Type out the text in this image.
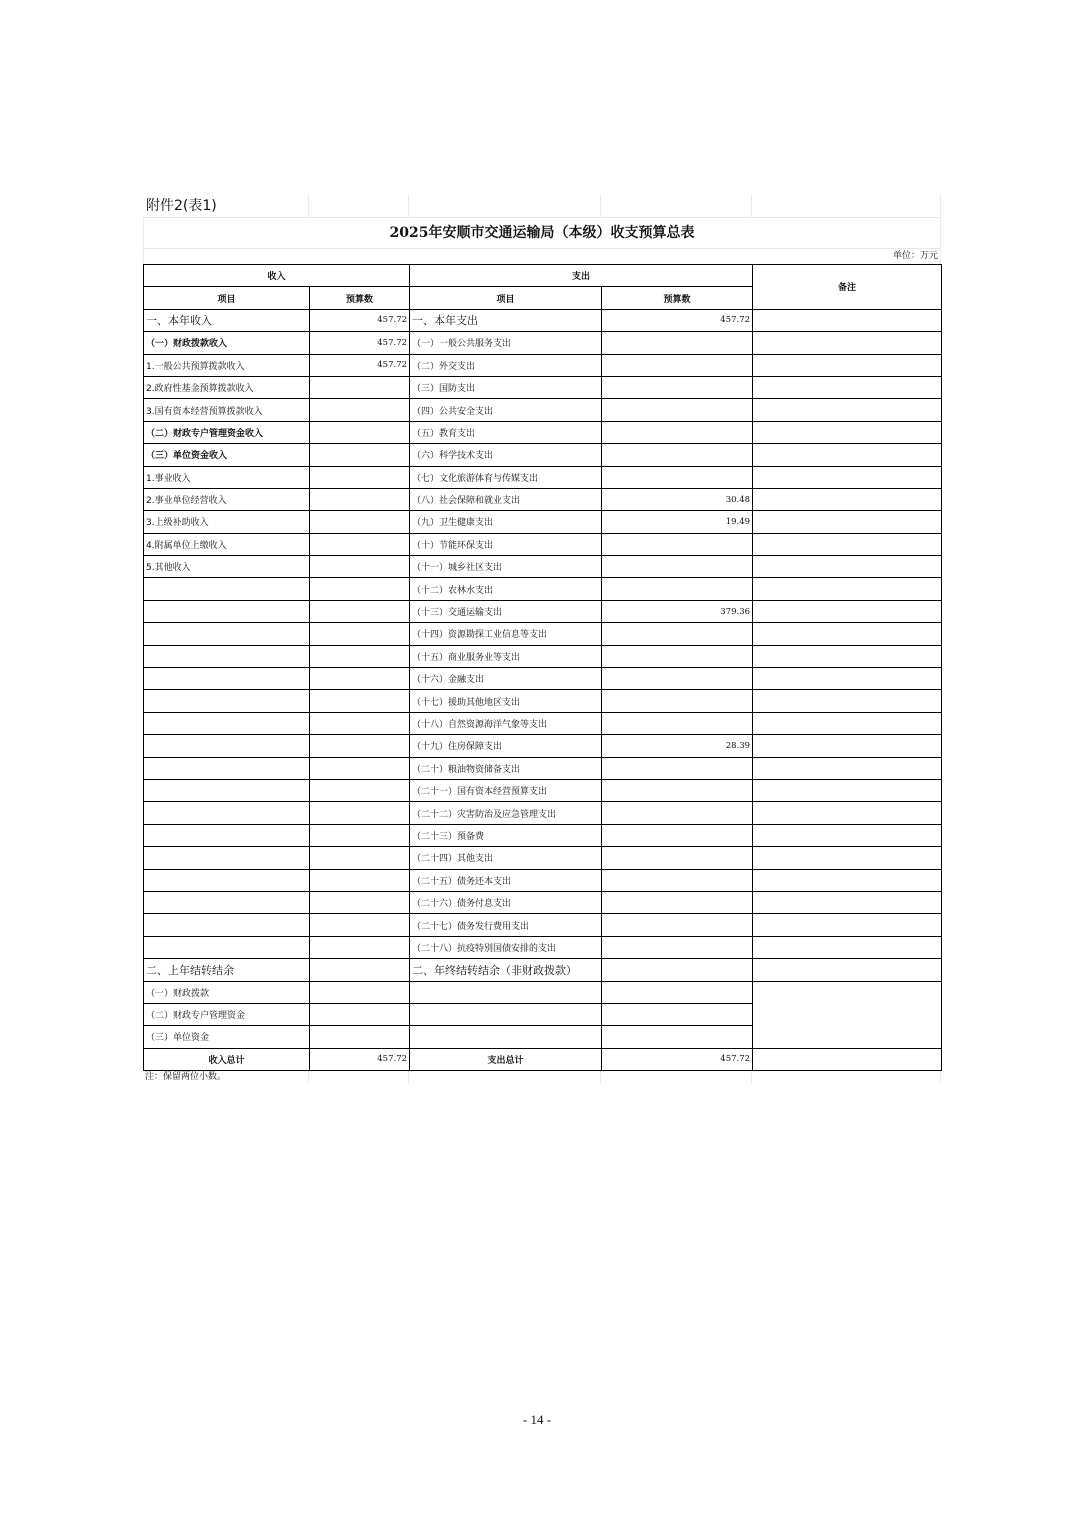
附件2(表1)
2025年安顺市交通运输局（本级）收支预算总表
单位：万元
收入		支出		备注
项目	预算数	项目	预算数	
一、本年收入	457.72	一、本年支出	457.72	
（一）财政拨款收入	457.72	（一）一般公共服务支出		
1.一般公共预算拨款收入	457.72	（二）外交支出		
2.政府性基金预算拨款收入		（三）国防支出		
3.国有资本经营预算拨款收入		（四）公共安全支出		
（二）财政专户管理资金收入		（五）教育支出		
（三）单位资金收入		（六）科学技术支出		
1.事业收入		（七）文化旅游体育与传媒支出		
2.事业单位经营收入		（八）社会保障和就业支出	30.48	
3.上级补助收入		（九）卫生健康支出	19.49	
4.附属单位上缴收入		（十）节能环保支出		
5.其他收入		（十一）城乡社区支出		
		（十二）农林水支出		
		（十三）交通运输支出	379.36	
		（十四）资源勘探工业信息等支出		
		（十五）商业服务业等支出		
		（十六）金融支出		
		（十七）援助其他地区支出		
		（十八）自然资源海洋气象等支出		
		（十九）住房保障支出	28.39	
		（二十）粮油物资储备支出		
		（二十一）国有资本经营预算支出		
		（二十二）灾害防治及应急管理支出		
		（二十三）预备费		
		（二十四）其他支出		
		（二十五）债务还本支出		
		（二十六）债务付息支出		
		（二十七）债务发行费用支出		
		（二十八）抗疫特别国债安排的支出		
二、上年结转结余		二、年终结转结余（非财政拨款）		
（一）财政拨款				
（二）财政专户管理资金				
（三）单位资金				
收入总计	457.72	支出总计	457.72	
注：保留两位小数。
- 14 -
